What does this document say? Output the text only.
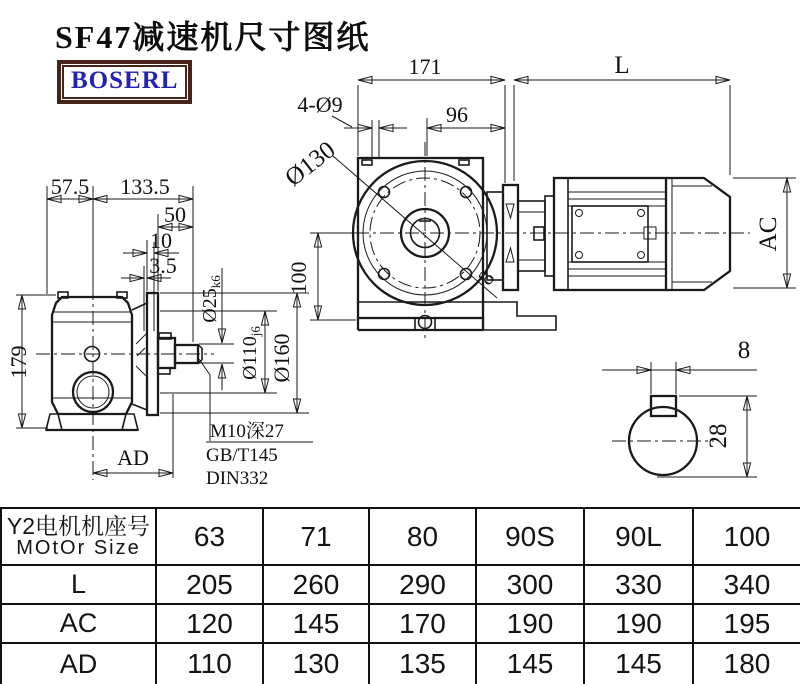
SF47减速机尺寸图纸
BOSERL
171	L
96
4-Ø9
Ø130
8
100
AC
57.5 133.5
50
10
3.5
179
AD
Ø25k6
Ø110j6
Ø160
M10深27
GB/T145
DIN332
8
28
Y2电机机座号
MOtOr Size	63	71	80	90S	90L	100
L	205	260	290	300	330	340
AC	120	145	170	190	190	195
AD	110	130	135	145	145	180
